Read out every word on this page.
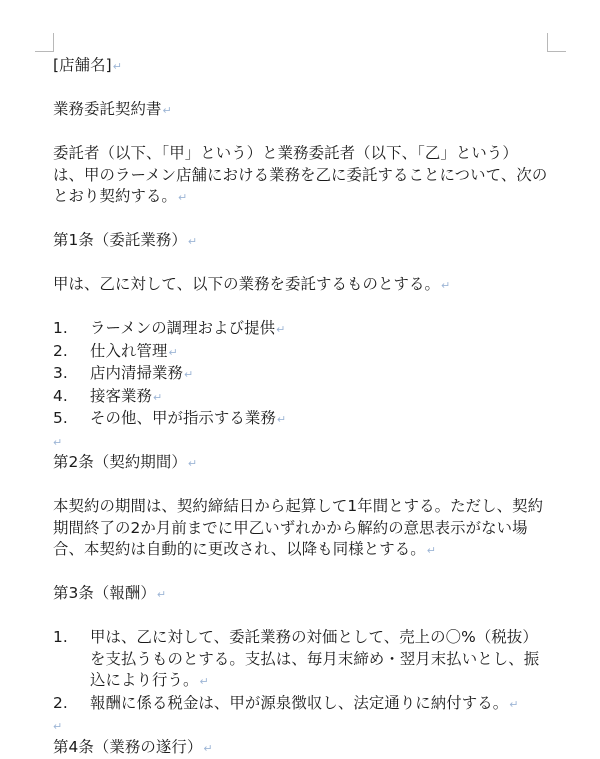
[店舗名]↵

業務委託契約書↵

委託者（以下、「甲」という）と業務委託者（以下、「乙」という）は、甲のラーメン店舗における業務を乙に委託することについて、次のとおり契約する。↵

第1条（委託業務）↵

甲は、乙に対して、以下の業務を委託するものとする。↵

1.	ラーメンの調理および提供↵
2.	仕入れ管理↵
3.	店内清掃業務↵
4.	接客業務↵
5.	その他、甲が指示する業務↵
↵

第2条（契約期間）↵

本契約の期間は、契約締結日から起算して1年間とする。ただし、契約期間終了の2か月前までに甲乙いずれかから解約の意思表示がない場合、本契約は自動的に更改され、以降も同様とする。↵

第3条（報酬）↵

1.	甲は、乙に対して、委託業務の対価として、売上の〇%（税抜）を支払うものとする。支払は、毎月末締め・翌月末払いとし、振込により行う。↵
2.	報酬に係る税金は、甲が源泉徴収し、法定通りに納付する。↵
↵

第4条（業務の遂行）↵
